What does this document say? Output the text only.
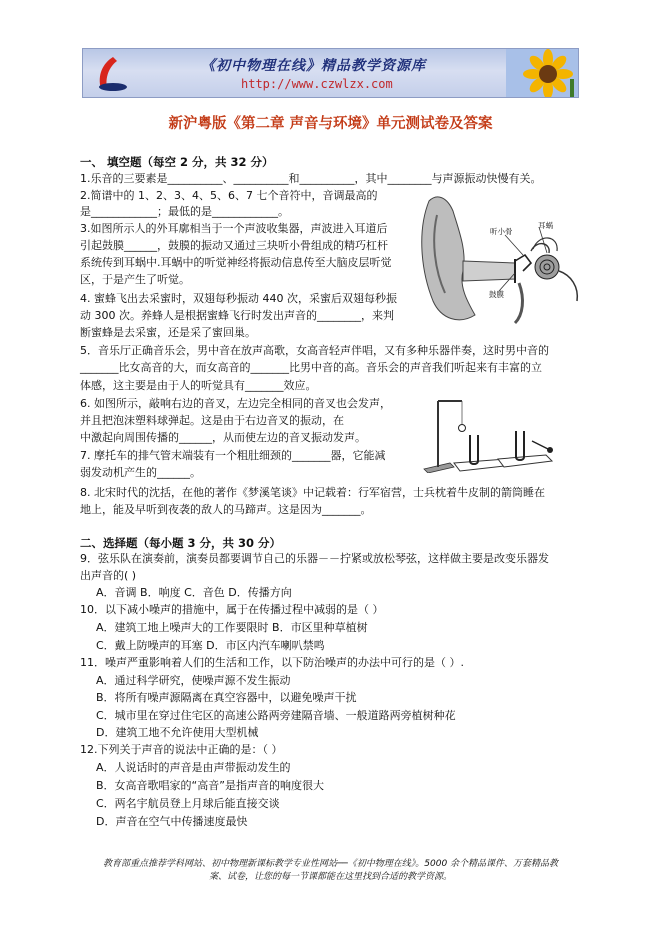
《初中物理在线》精品教学资源库
http://www.czwlzx.com
新沪粤版《第二章 声音与环境》单元测试卷及答案
一、 填空题（每空 2 分，共 32 分）
1.乐音的三要素是__________、__________和__________，其中________与声源振动快慢有关。
2.简谱中的 1、2、3、4、5、6、7 七个音符中，音调最高的
是____________；最低的是____________。
3.如图所示人的外耳廓相当于一个声波收集器，声波进入耳道后
引起鼓膜______，鼓膜的振动又通过三块听小骨组成的精巧杠杆
系统传到耳蜗中.耳蜗中的听觉神经将振动信息传至大脑皮层听觉
区，于是产生了听觉。
4. 蜜蜂飞出去采蜜时，双翅每秒振动 440 次，采蜜后双翅每秒振
动 300 次。养蜂人是根据蜜蜂飞行时发出声音的________，来判
断蜜蜂是去采蜜，还是采了蜜回巢。
5．音乐厅正确音乐会，男中音在放声高歌，女高音轻声伴唱，又有多种乐器伴奏，这时男中音的
_______比女高音的大，而女高音的_______比男中音的高。音乐会的声音我们听起来有丰富的立
体感，这主要是由于人的听觉具有_______效应。
6. 如图所示，敲响右边的音叉，左边完全相同的音叉也会发声，
并且把泡沫塑料球弹起。这是由于右边音叉的振动，在
中激起向周围传播的______，从而使左边的音叉振动发声。
7. 摩托车的排气管末端装有一个粗肚细颈的_______器，它能减
弱发动机产生的______。
8. 北宋时代的沈括，在他的著作《梦溪笔谈》中记载着：行军宿营，士兵枕着牛皮制的箭筒睡在
地上，能及早听到夜袭的敌人的马蹄声。这是因为_______。
二、选择题（每小题 3 分，共 30 分）
9．弦乐队在演奏前，演奏员都要调节自己的乐器－－拧紧或放松琴弦，这样做主要是改变乐器发
出声音的( )
A．音调 B．响度 C．音色 D．传播方向
10．以下减小噪声的措施中，属于在传播过程中减弱的是（ ）
A．建筑工地上噪声大的工作要限时 B．市区里种草植树
C．戴上防噪声的耳塞 D．市区内汽车喇叭禁鸣
11．噪声严重影响着人们的生活和工作，以下防治噪声的办法中可行的是（ ）.
A．通过科学研究，使噪声源不发生振动
B．将所有噪声源隔离在真空容器中，以避免噪声干扰
C．城市里在穿过住宅区的高速公路两旁建隔音墙、一般道路两旁植树种花
D．建筑工地不允许使用大型机械
12.下列关于声音的说法中正确的是：（ ）
A．人说话时的声音是由声带振动发生的
B．女高音歌唱家的“高音”是指声音的响度很大
C．两名宇航员登上月球后能直接交谈
D．声音在空气中传播速度最快
听小骨
耳蜗
鼓膜
教育部重点推荐学科网站、初中物理新课标教学专业性网站──《初中物理在线》。5000 余个精品课件、万套精品教
案、试卷，让您的每一节课都能在这里找到合适的教学资源。
